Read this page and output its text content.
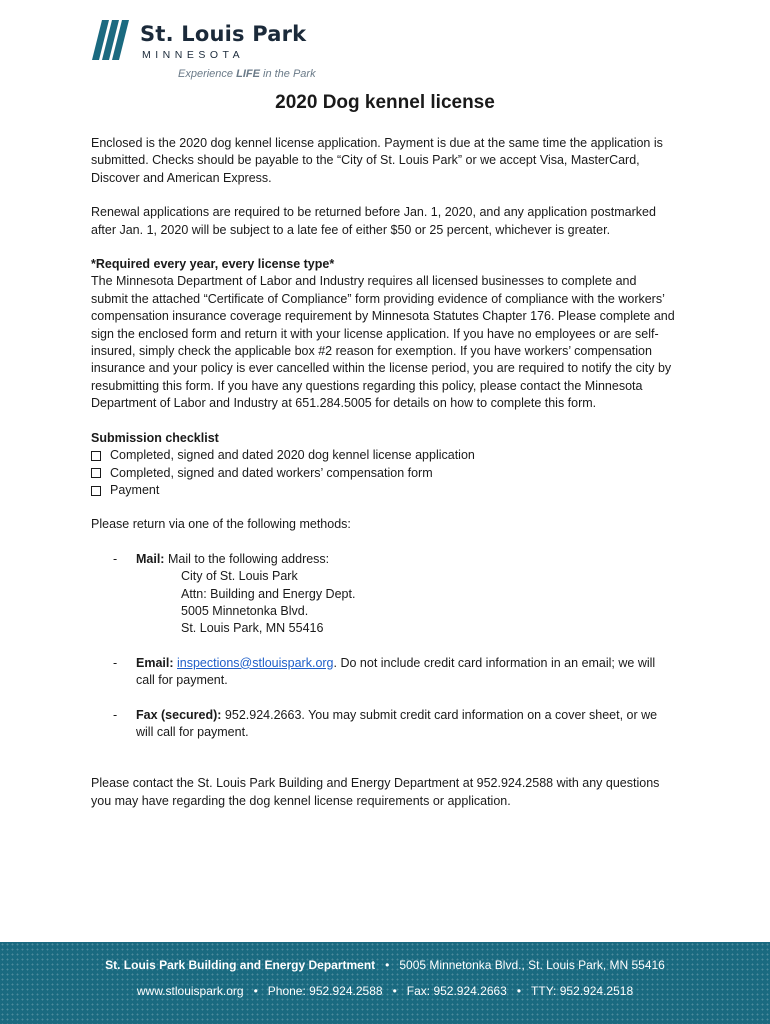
St. Louis Park
MINNESOTA
Experience LIFE in the Park
2020 Dog kennel license

Enclosed is the 2020 dog kennel license application. Payment is due at the same time the application is submitted. Checks should be payable to the “City of St. Louis Park” or we accept Visa, MasterCard, Discover and American Express.

Renewal applications are required to be returned before Jan. 1, 2020, and any application postmarked after Jan. 1, 2020 will be subject to a late fee of either $50 or 25 percent, whichever is greater.

*Required every year, every license type*
The Minnesota Department of Labor and Industry requires all licensed businesses to complete and submit the attached “Certificate of Compliance” form providing evidence of compliance with the workers’ compensation insurance coverage requirement by Minnesota Statutes Chapter 176. Please complete and sign the enclosed form and return it with your license application. If you have no employees or are self-insured, simply check the applicable box #2 reason for exemption. If you have workers’ compensation insurance and your policy is ever cancelled within the license period, you are required to notify the city by resubmitting this form. If you have any questions regarding this policy, please contact the Minnesota Department of Labor and Industry at 651.284.5005 for details on how to complete this form.

Submission checklist
Completed, signed and dated 2020 dog kennel license application
Completed, signed and dated workers’ compensation form
Payment

Please return via one of the following methods:

- Mail: Mail to the following address:
City of St. Louis Park
Attn: Building and Energy Dept.
5005 Minnetonka Blvd.
St. Louis Park, MN 55416
- Email: inspections@stlouispark.org. Do not include credit card information in an email; we will call for payment.
- Fax (secured): 952.924.2663. You may submit credit card information on a cover sheet, or we will call for payment.

Please contact the St. Louis Park Building and Energy Department at 952.924.2588 with any questions you may have regarding the dog kennel license requirements or application.

St. Louis Park Building and Energy Department • 5005 Minnetonka Blvd., St. Louis Park, MN 55416
www.stlouispark.org • Phone: 952.924.2588 • Fax: 952.924.2663 • TTY: 952.924.2518
